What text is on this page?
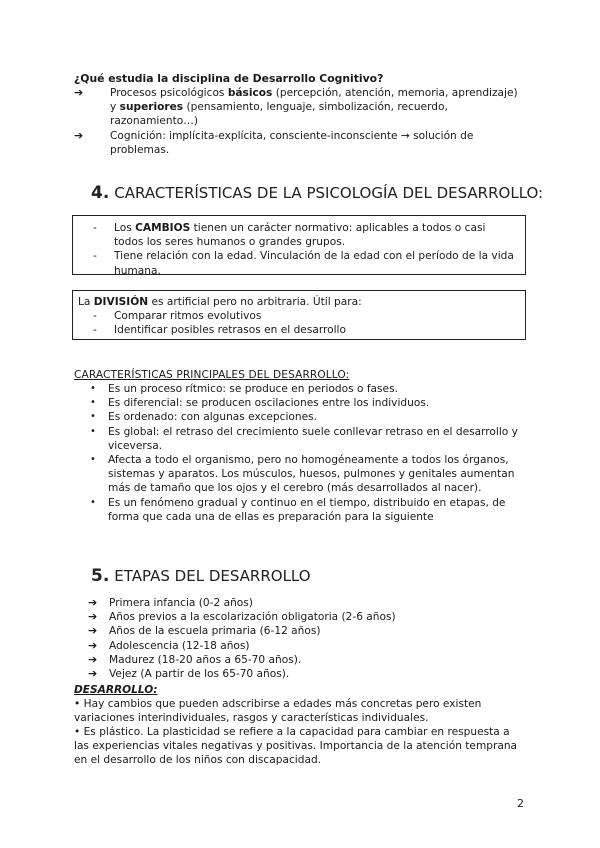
¿Qué estudia la disciplina de Desarrollo Cognitivo?
➔	Procesos psicológicos básicos (percepción, atención, memoria, aprendizaje) y superiores (pensamiento, lenguaje, simbolización, recuerdo, razonamiento…)
➔	Cognición: implícita-explícita, consciente-inconsciente → solución de problemas.
4. CARACTERÍSTICAS DE LA PSICOLOGÍA DEL DESARROLLO:
- Los CAMBIOS tienen un carácter normativo: aplicables a todos o casi todos los seres humanos o grandes grupos.
- Tiene relación con la edad. Vinculación de la edad con el período de la vida humana.
La DIVISIÓN es artificial pero no arbitraria. Útil para:
- Comparar ritmos evolutivos
- Identificar posibles retrasos en el desarrollo
CARACTERÍSTICAS PRINCIPALES DEL DESARROLLO:
• Es un proceso rítmico: se produce en periodos o fases.
• Es diferencial: se producen oscilaciones entre los individuos.
• Es ordenado: con algunas excepciones.
• Es global: el retraso del crecimiento suele conllevar retraso en el desarrollo y viceversa.
• Afecta a todo el organismo, pero no homogéneamente a todos los órganos, sistemas y aparatos. Los músculos, huesos, pulmones y genitales aumentan más de tamaño que los ojos y el cerebro (más desarrollados al nacer).
• Es un fenómeno gradual y continuo en el tiempo, distribuido en etapas, de forma que cada una de ellas es preparación para la siguiente
5. ETAPAS DEL DESARROLLO
➔ Primera infancia (0-2 años)
➔ Años previos a la escolarización obligatoria (2-6 años)
➔ Años de la escuela primaria (6-12 años)
➔ Adolescencia (12-18 años)
➔ Madurez (18-20 años a 65-70 años).
➔ Vejez (A partir de los 65-70 años).
DESARROLLO:
• Hay cambios que pueden adscribirse a edades más concretas pero existen variaciones interindividuales, rasgos y características individuales.
• Es plástico. La plasticidad se refiere a la capacidad para cambiar en respuesta a las experiencias vitales negativas y positivas. Importancia de la atención temprana en el desarrollo de los niños con discapacidad.
2
